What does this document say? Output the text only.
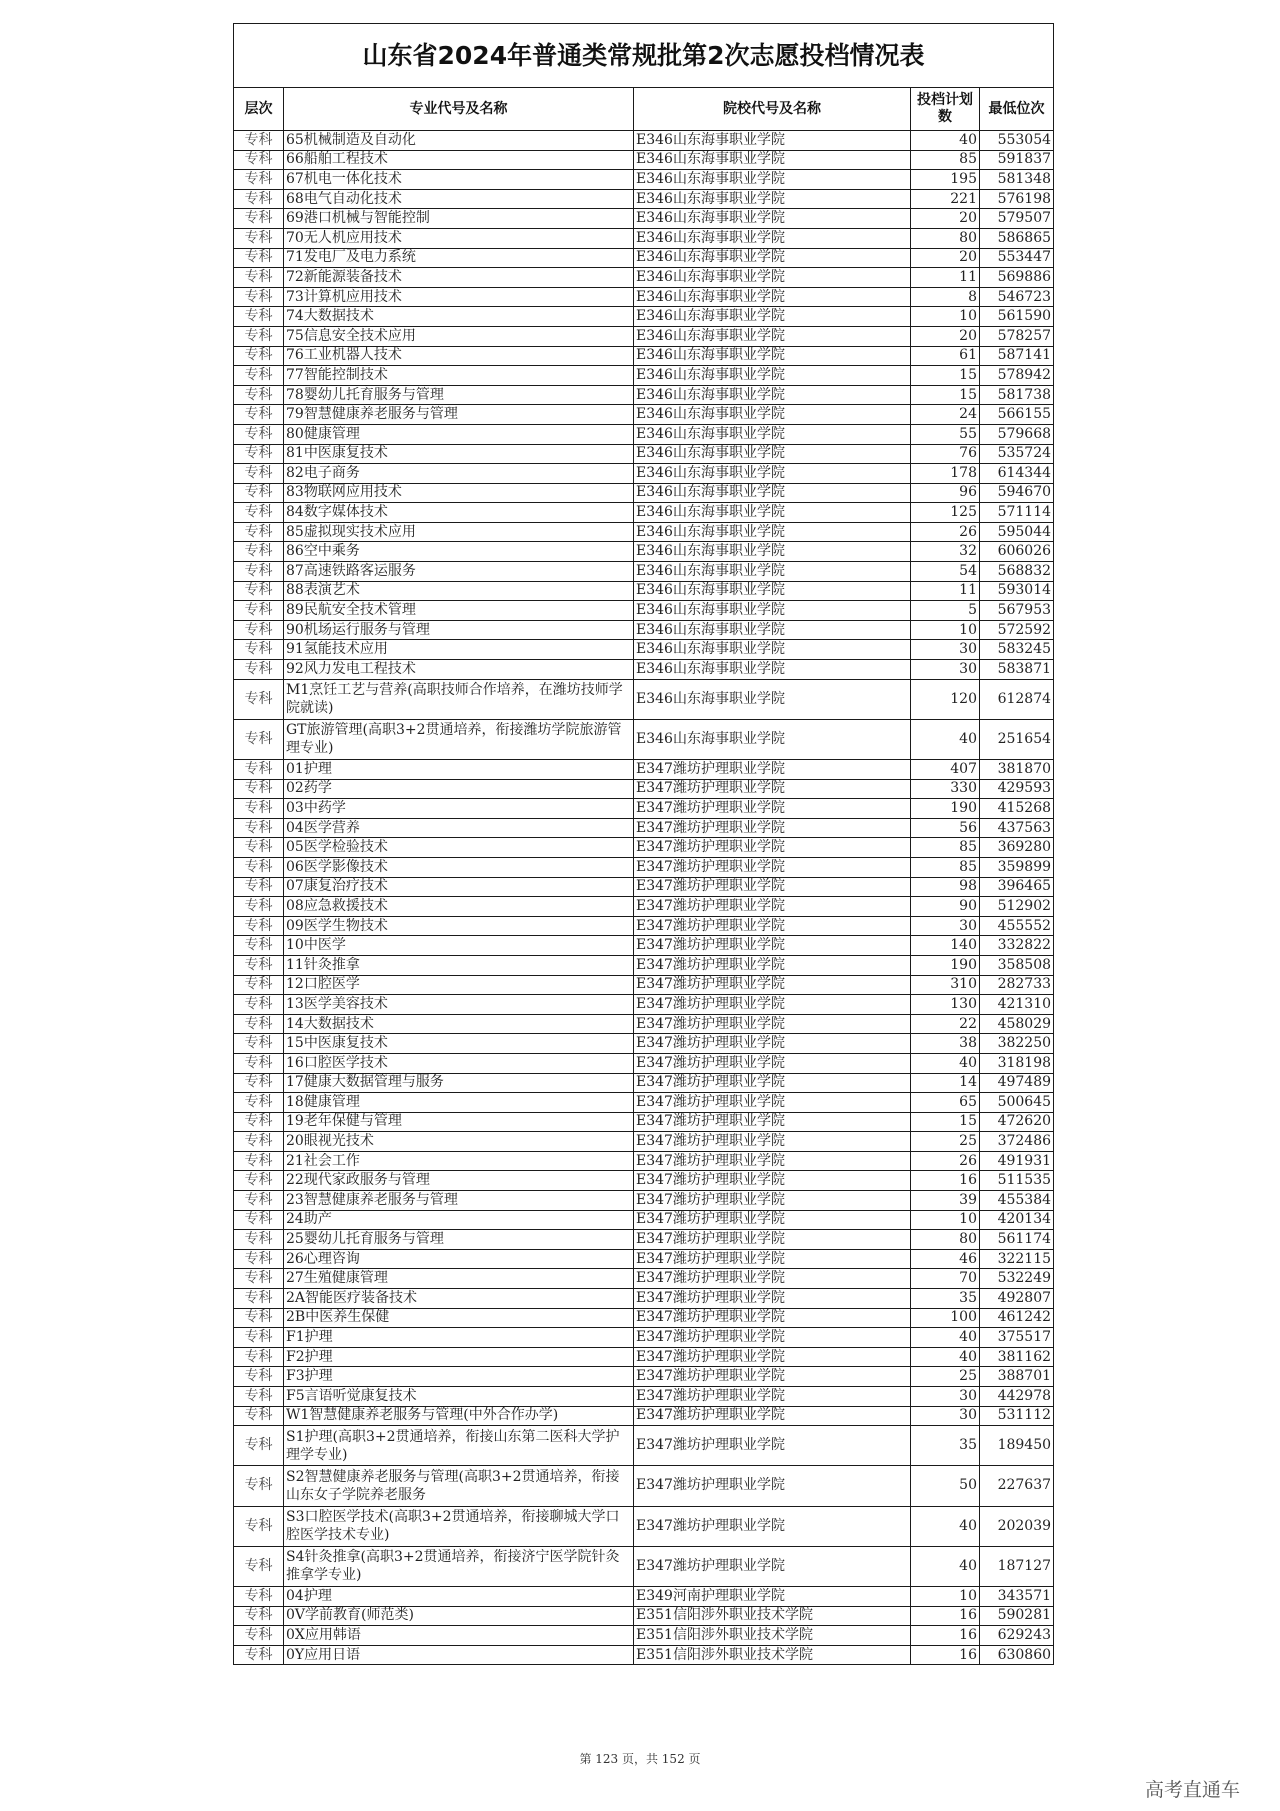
山东省2024年普通类常规批第2次志愿投档情况表				
层次	专业代号及名称	院校代号及名称	投档计划数	最低位次
专科	65机械制造及自动化	E346山东海事职业学院	40	553054
专科	66船舶工程技术	E346山东海事职业学院	85	591837
专科	67机电一体化技术	E346山东海事职业学院	195	581348
专科	68电气自动化技术	E346山东海事职业学院	221	576198
专科	69港口机械与智能控制	E346山东海事职业学院	20	579507
专科	70无人机应用技术	E346山东海事职业学院	80	586865
专科	71发电厂及电力系统	E346山东海事职业学院	20	553447
专科	72新能源装备技术	E346山东海事职业学院	11	569886
专科	73计算机应用技术	E346山东海事职业学院	8	546723
专科	74大数据技术	E346山东海事职业学院	10	561590
专科	75信息安全技术应用	E346山东海事职业学院	20	578257
专科	76工业机器人技术	E346山东海事职业学院	61	587141
专科	77智能控制技术	E346山东海事职业学院	15	578942
专科	78婴幼儿托育服务与管理	E346山东海事职业学院	15	581738
专科	79智慧健康养老服务与管理	E346山东海事职业学院	24	566155
专科	80健康管理	E346山东海事职业学院	55	579668
专科	81中医康复技术	E346山东海事职业学院	76	535724
专科	82电子商务	E346山东海事职业学院	178	614344
专科	83物联网应用技术	E346山东海事职业学院	96	594670
专科	84数字媒体技术	E346山东海事职业学院	125	571114
专科	85虚拟现实技术应用	E346山东海事职业学院	26	595044
专科	86空中乘务	E346山东海事职业学院	32	606026
专科	87高速铁路客运服务	E346山东海事职业学院	54	568832
专科	88表演艺术	E346山东海事职业学院	11	593014
专科	89民航安全技术管理	E346山东海事职业学院	5	567953
专科	90机场运行服务与管理	E346山东海事职业学院	10	572592
专科	91氢能技术应用	E346山东海事职业学院	30	583245
专科	92风力发电工程技术	E346山东海事职业学院	30	583871
专科	M1烹饪工艺与营养(高职技师合作培养，在潍坊技师学院就读)	E346山东海事职业学院	120	612874
专科	GT旅游管理(高职3+2贯通培养，衔接潍坊学院旅游管理专业)	E346山东海事职业学院	40	251654
专科	01护理	E347潍坊护理职业学院	407	381870
专科	02药学	E347潍坊护理职业学院	330	429593
专科	03中药学	E347潍坊护理职业学院	190	415268
专科	04医学营养	E347潍坊护理职业学院	56	437563
专科	05医学检验技术	E347潍坊护理职业学院	85	369280
专科	06医学影像技术	E347潍坊护理职业学院	85	359899
专科	07康复治疗技术	E347潍坊护理职业学院	98	396465
专科	08应急救援技术	E347潍坊护理职业学院	90	512902
专科	09医学生物技术	E347潍坊护理职业学院	30	455552
专科	10中医学	E347潍坊护理职业学院	140	332822
专科	11针灸推拿	E347潍坊护理职业学院	190	358508
专科	12口腔医学	E347潍坊护理职业学院	310	282733
专科	13医学美容技术	E347潍坊护理职业学院	130	421310
专科	14大数据技术	E347潍坊护理职业学院	22	458029
专科	15中医康复技术	E347潍坊护理职业学院	38	382250
专科	16口腔医学技术	E347潍坊护理职业学院	40	318198
专科	17健康大数据管理与服务	E347潍坊护理职业学院	14	497489
专科	18健康管理	E347潍坊护理职业学院	65	500645
专科	19老年保健与管理	E347潍坊护理职业学院	15	472620
专科	20眼视光技术	E347潍坊护理职业学院	25	372486
专科	21社会工作	E347潍坊护理职业学院	26	491931
专科	22现代家政服务与管理	E347潍坊护理职业学院	16	511535
专科	23智慧健康养老服务与管理	E347潍坊护理职业学院	39	455384
专科	24助产	E347潍坊护理职业学院	10	420134
专科	25婴幼儿托育服务与管理	E347潍坊护理职业学院	80	561174
专科	26心理咨询	E347潍坊护理职业学院	46	322115
专科	27生殖健康管理	E347潍坊护理职业学院	70	532249
专科	2A智能医疗装备技术	E347潍坊护理职业学院	35	492807
专科	2B中医养生保健	E347潍坊护理职业学院	100	461242
专科	F1护理	E347潍坊护理职业学院	40	375517
专科	F2护理	E347潍坊护理职业学院	40	381162
专科	F3护理	E347潍坊护理职业学院	25	388701
专科	F5言语听觉康复技术	E347潍坊护理职业学院	30	442978
专科	W1智慧健康养老服务与管理(中外合作办学)	E347潍坊护理职业学院	30	531112
专科	S1护理(高职3+2贯通培养，衔接山东第二医科大学护理学专业)	E347潍坊护理职业学院	35	189450
专科	S2智慧健康养老服务与管理(高职3+2贯通培养，衔接山东女子学院养老服务	E347潍坊护理职业学院	50	227637
专科	S3口腔医学技术(高职3+2贯通培养，衔接聊城大学口腔医学技术专业)	E347潍坊护理职业学院	40	202039
专科	S4针灸推拿(高职3+2贯通培养，衔接济宁医学院针灸推拿学专业)	E347潍坊护理职业学院	40	187127
专科	04护理	E349河南护理职业学院	10	343571
专科	0V学前教育(师范类)	E351信阳涉外职业技术学院	16	590281
专科	0X应用韩语	E351信阳涉外职业技术学院	16	629243
专科	0Y应用日语	E351信阳涉外职业技术学院	16	630860
第 123 页，共 152 页
高考直通车
